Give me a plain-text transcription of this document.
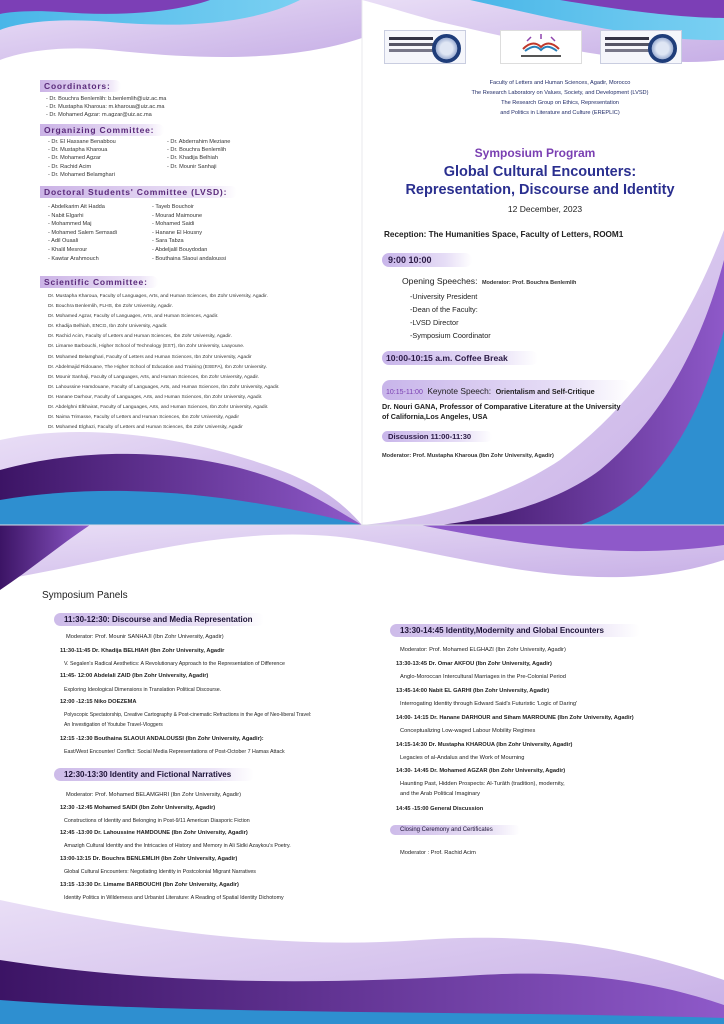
Coordinators:
- Dr. Bouchra Benlemlih: b.benlemlih@uiz.ac.ma
- Dr. Mustapha Kharoua: m.kharoua@uiz.ac.ma
- Dr. Mohamed Agzar: m.agzar@uiz.ac.ma
Organizing Committee:
- Dr. El Hassane Benabbou
- Dr. Mustapha Kharoua
- Dr. Mohamed Agzar
- Dr. Rachid Acim
- Dr. Mohamed Belamghari
- Dr. Abderrahim Meziane
- Dr. Bouchra Benlemlih
- Dr. Khadija Belhiah
- Dr. Mounir Sanhaji
Doctoral Students' Committee (LVSD):
- Abdelkarim Ait Hadda
- Nabit Elgarhi
- Mohammed Maj
- Mohamed Salem Semsadi
- Adil Ouaali
- Khalil Mesrour
- Kawtar Arahmouch
- Tayeb Bouchoir
- Mourad Maimoune
- Mohamed Saidi
- Hanane El Housny
- Sara Tabza
- Abdeljalil Bouydodan
- Bouthaina Slaoui andaloussi
Scientific Committee:
Dr. Mustapha Kharoua, Faculty of Languages, Arts, and Human Sciences, Ibn Zohr University, Agadir.
Dr. Bouchra Benlemlih, FLHS, Ibn Zohr University, Agadir.
Dr. Mohamed Agzar, Faculty of Languages, Arts, and Human Sciences, Agadir.
Dr. Khadija Belhiah, ENCG, Ibn Zohr University, Agadir.
Dr. Rachid Acim, Faculty of Letters and Human Sciences, Ibn Zohr University, Agadir.
Dr. Limame Barbouchi, Higher School of Technology (EST), Ibn Zohr University, Laayoune.
Dr. Mohamed Belamghari, Faculty of Letters and Human Sciences, Ibn Zohr University, Agadir
Dr. Abdelmajid Ridouane, The Higher School of Education and Training (ESEFA), Ibn Zohr University.
Dr. Mounir Sanhaji, Faculty of Languages, Arts, and Human Sciences, Ibn Zohr University, Agadir.
Dr. Lahoussine Hamdouane, Faculty of Languages, Arts, and Human Sciences, Ibn Zohr University, Agadir.
Dr. Hanane Darhour, Faculty of Languages, Arts, and Human Sciences, Ibn Zohr University, Agadir.
Dr. Abdelghni Elkhairat, Faculty of Languages, Arts, and Human Sciences, Ibn Zohr University, Agadir.
Dr. Naima Trimasse, Faculty of Letters and Human Sciences, Ibn Zohr University, Agadir
Dr. Mohamed Elghazi, Faculty of Letters and Human Sciences, Ibn Zohr University, Agadir
Faculty of Letters and Human Sciences, Agadir, Morocco
The Research Laboratory on Values, Society, and Development (LVSD)
The Research Group on Ethics, Representation
and Politics in Literature and Culture (EREPLIC)
Symposium Program
Global Cultural Encounters:
Representation, Discourse and Identity
12 December, 2023
Reception: The Humanities Space, Faculty of Letters, ROOM1
9:00 10:00
Opening Speeches: Moderator: Prof. Bouchra Benlemlih
-University President
-Dean of the Faculty:
-LVSD Director
-Symposium Coordinator
10:00-10:15 a.m. Coffee Break
10:15-11:00 Keynote Speech: Orientalism and Self-Critique
Dr. Nouri GANA, Professor of Comparative Literature at the University
of California,Los Angeles, USA
Discussion 11:00-11:30
Moderator: Prof. Mustapha Kharoua (Ibn Zohr University, Agadir)
Symposium Panels
11:30-12:30: Discourse and Media Representation
Moderator: Prof. Mounir SANHAJI (Ibn Zohr University, Agadir)
11:30-11:45 Dr. Khadija BELHIAH (Ibn Zohr University, Agadir
V. Segalen's Radical Aesthetics: A Revolutionary Approach to the Representation of Difference
11:45- 12:00 Abdelali ZAID (Ibn Zohr University, Agadir)
Exploring Ideological Dimensions in Translation Political Discourse.
12:00 -12:15 Niko DOEZEMA
Polyscopic Spectatorship, Creative Cartography & Post-cinematic Refractions in the Age of Neo-liberal Travel:
An Investigation of Youtube Travel-Vloggers
12:15 -12:30 Bouthaina SLAOUI ANDALOUSSI (Ibn Zohr University, Agadir):
East/West Encounter/ Conflict: Social Media Representations of Post-October 7 Hamas Attack
12:30-13:30 Identity and Fictional Narratives
Moderator: Prof. Mohamed BELAMGHRI (Ibn Zohr University, Agadir)
12:30 -12:45 Mohamed SAIDI (Ibn Zohr University, Agadir)
Constructions of Identity and Belonging in Post-9/11 American Diasporic Fiction
12:45 -13:00 Dr. Lahoussine HAMDOUNE (Ibn Zohr University, Agadir)
Amazigh Cultural Identity and the Intricacies of History and Memory in Ali Sidki Azaykou's Poetry.
13:00-13:15 Dr. Bouchra BENLEMLIH (Ibn Zohr University, Agadir)
Global Cultural Encounters: Negotiating Identity in Postcolonial Migrant Narratives
13:15 -13:30 Dr. Limame BARBOUCHI (Ibn Zohr University, Agadir)
Identity Politics in Wilderness and Urbanist Literature: A Reading of Spatial Identity Dichotomy
13:30-14:45 Identity,Modernity and Global Encounters
Moderator: Prof. Mohamed ELGHAZI (Ibn Zohr University, Agadir)
13:30-13:45 Dr. Omar AKFOU (Ibn Zohr University, Agadir)
Anglo-Moroccan Intercultural Marriages in the Pre-Colonial Period
13:45-14:00 Nabit EL GARHI (Ibn Zohr University, Agadir)
Interrogating Identity through Edward Said's Futuristic 'Logic of Daring'
14:00- 14:15 Dr. Hanane DARHOUR and Siham MARROUNE (Ibn Zohr University, Agadir)
Conceptualizing Low-waged Labour Mobility Regimes
14:15-14:30 Dr. Mustapha KHAROUA (Ibn Zohr University, Agadir)
Legacies of al-Andalus and the Work of Mourning
14:30- 14:45 Dr. Mohamed AGZAR (Ibn Zohr University, Agadir)
Haunting Past, Hidden Prospects: Al-Turāth (tradition), modernity,
and the Arab Political Imaginary
14:45 -15:00 General Discussion
Closing Ceremony and Certificates
Moderator : Prof. Rachid Acim
